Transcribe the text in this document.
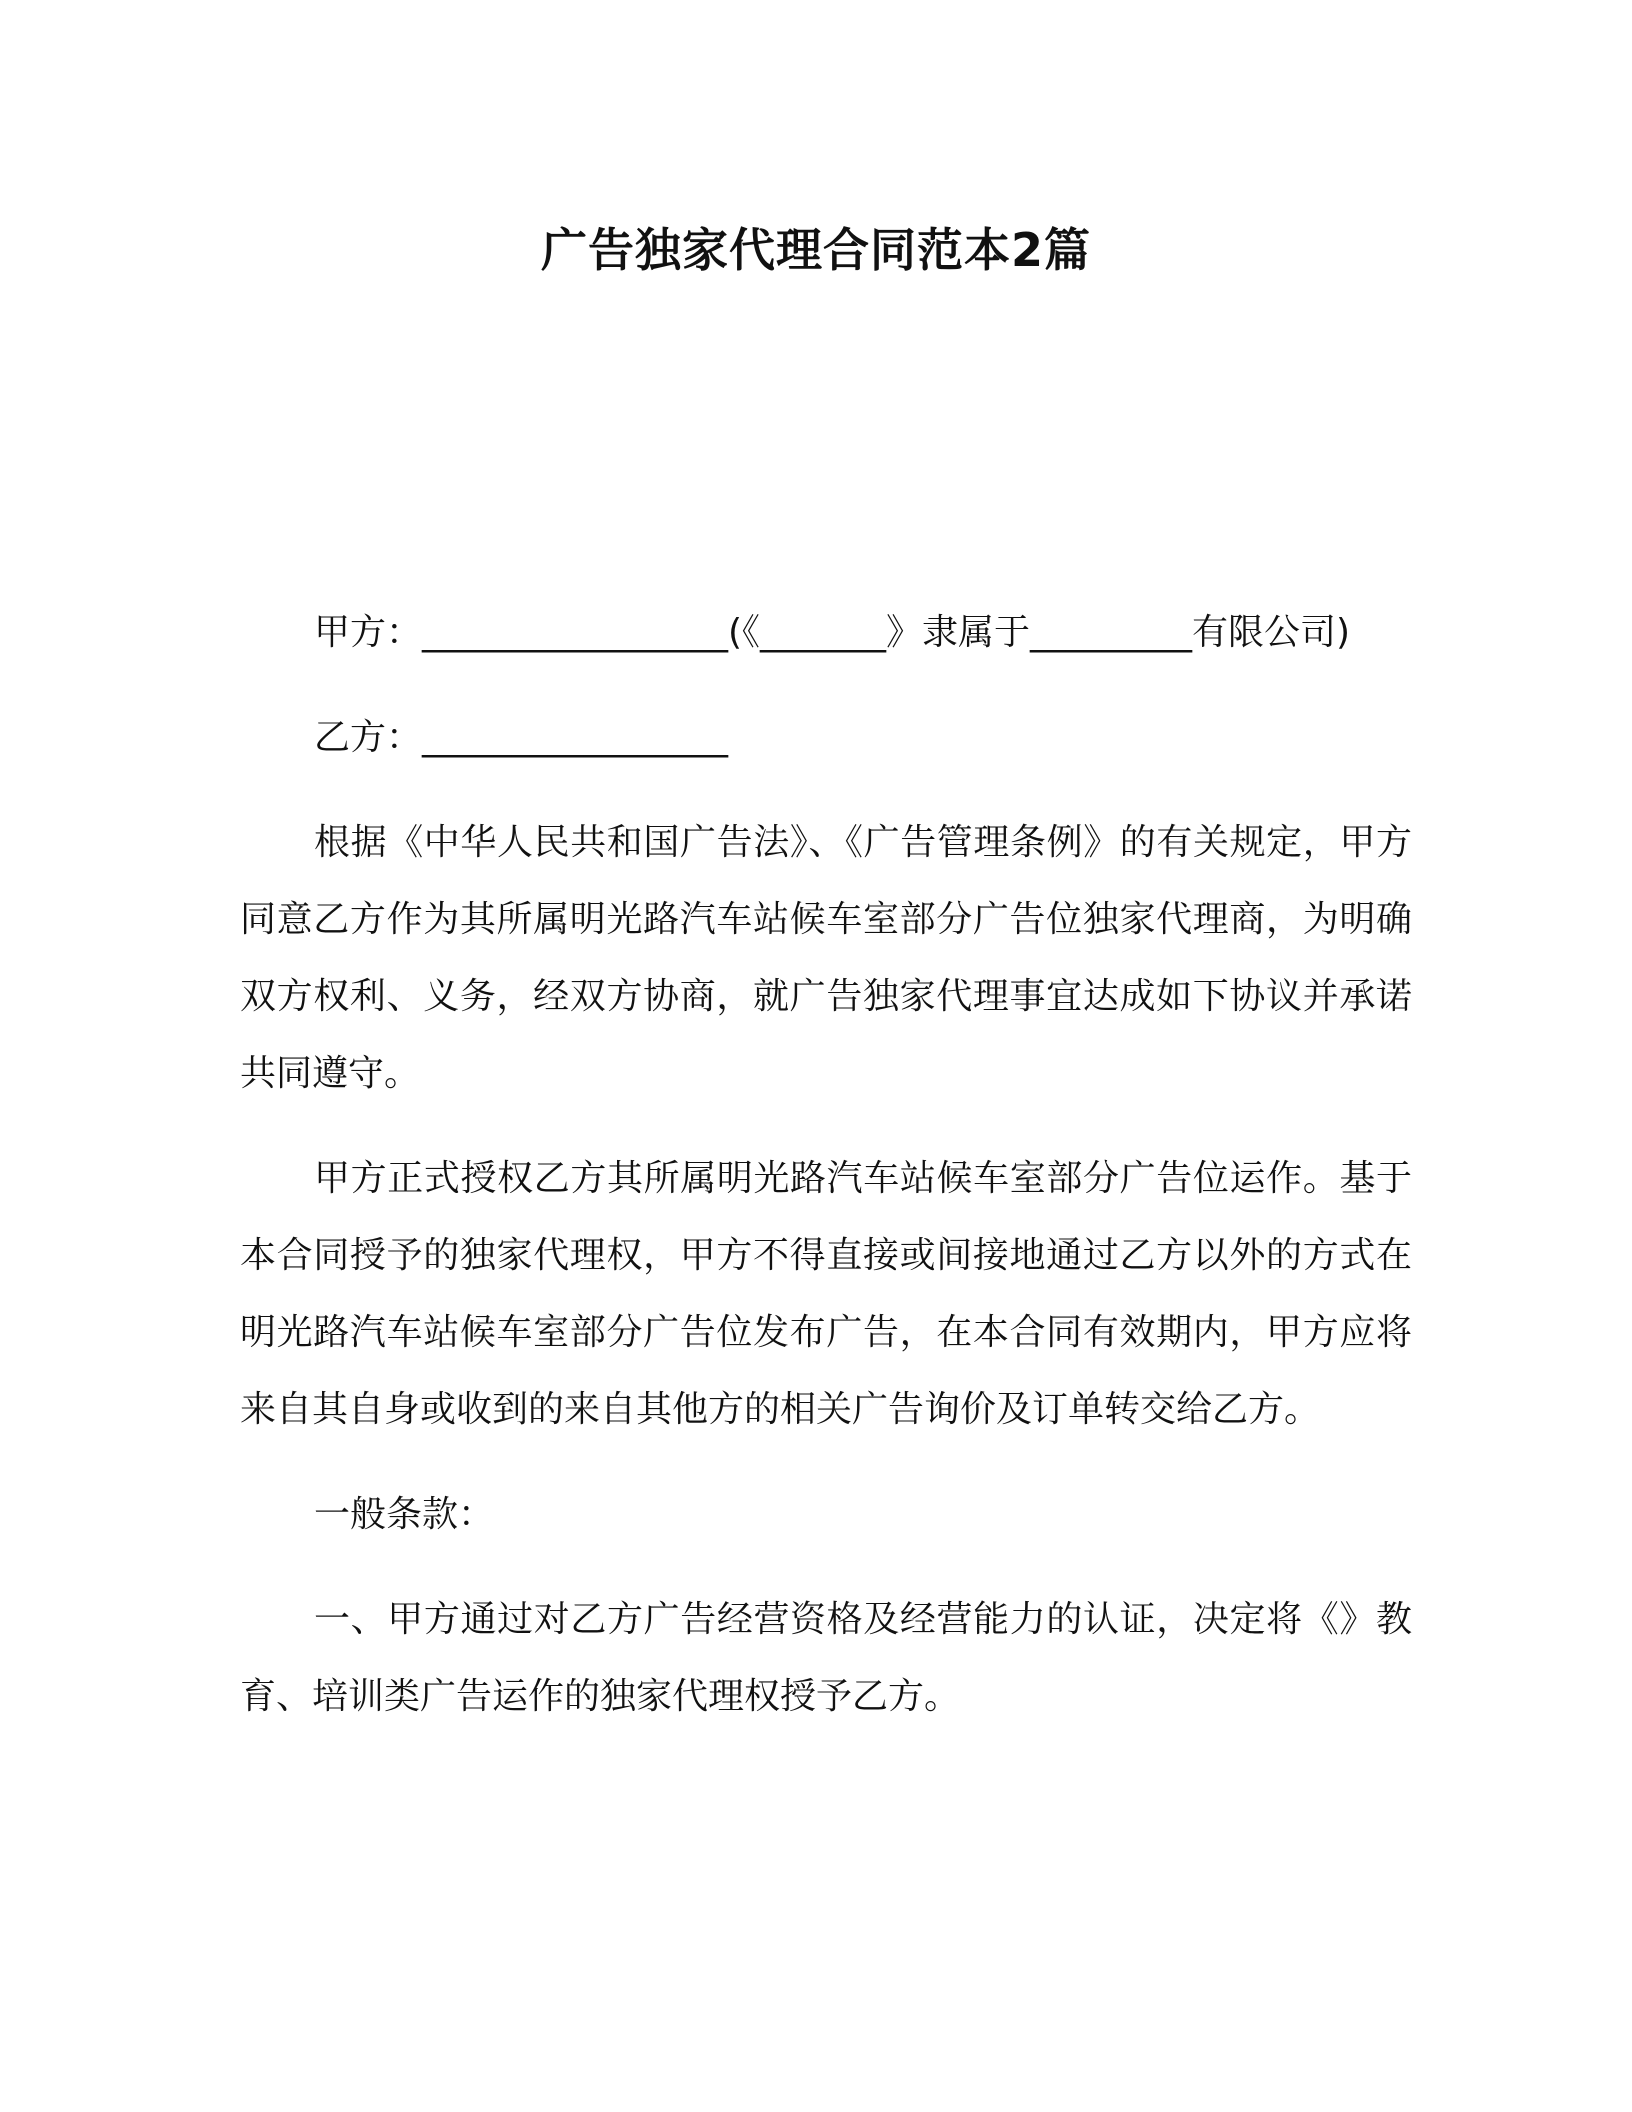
广告独家代理合同范本2篇

甲方：_________________(《_______》隶属于_________有限公司)

乙方：_________________

根据《中华人民共和国广告法》、《广告管理条例》的有关规定，甲方同意乙方作为其所属明光路汽车站候车室部分广告位独家代理商，为明确双方权利、义务，经双方协商，就广告独家代理事宜达成如下协议并承诺共同遵守。

甲方正式授权乙方其所属明光路汽车站候车室部分广告位运作。基于本合同授予的独家代理权，甲方不得直接或间接地通过乙方以外的方式在明光路汽车站候车室部分广告位发布广告，在本合同有效期内，甲方应将来自其自身或收到的来自其他方的相关广告询价及订单转交给乙方。

一般条款：

一、甲方通过对乙方广告经营资格及经营能力的认证，决定将《》教育、培训类广告运作的独家代理权授予乙方。
